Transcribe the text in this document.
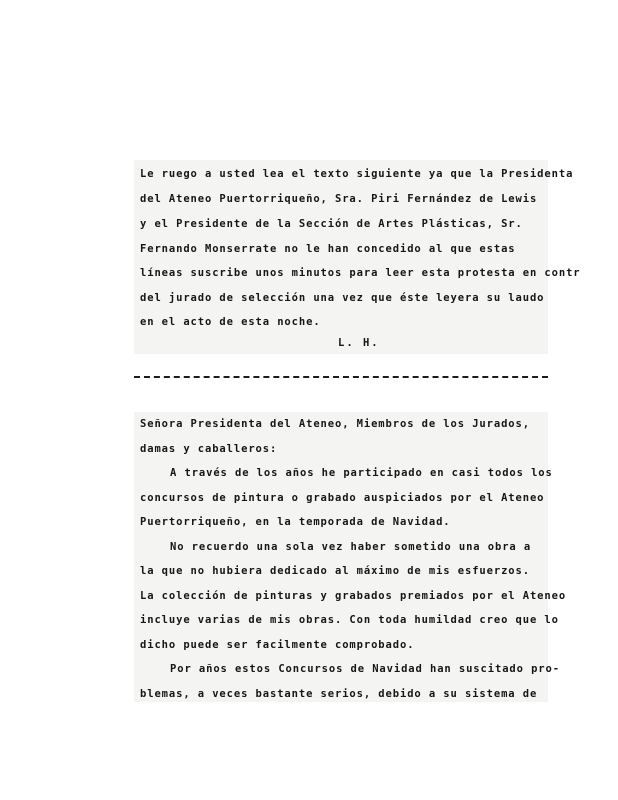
Le ruego a usted lea el texto siguiente ya que la Presidenta
del Ateneo Puertorriqueño, Sra. Piri Fernández de Lewis
y el Presidente de la Sección de Artes Plásticas, Sr.
Fernando Monserrate no le han concedido al que estas
líneas suscribe unos minutos para leer esta protesta en contr
del jurado de selección una vez que éste leyera su laudo
en el acto de esta noche.
L. H.
Señora Presidenta del Ateneo, Miembros de los Jurados,
damas y caballeros:
A través de los años he participado en casi todos los
concursos de pintura o grabado auspiciados por el Ateneo
Puertorriqueño, en la temporada de Navidad.
No recuerdo una sola vez haber sometido una obra a
la que no hubiera dedicado al máximo de mis esfuerzos.
La colección de pinturas y grabados premiados por el Ateneo
incluye varias de mis obras. Con toda humildad creo que lo
dicho puede ser facilmente comprobado.
Por años estos Concursos de Navidad han suscitado pro-
blemas, a veces bastante serios, debido a su sistema de
